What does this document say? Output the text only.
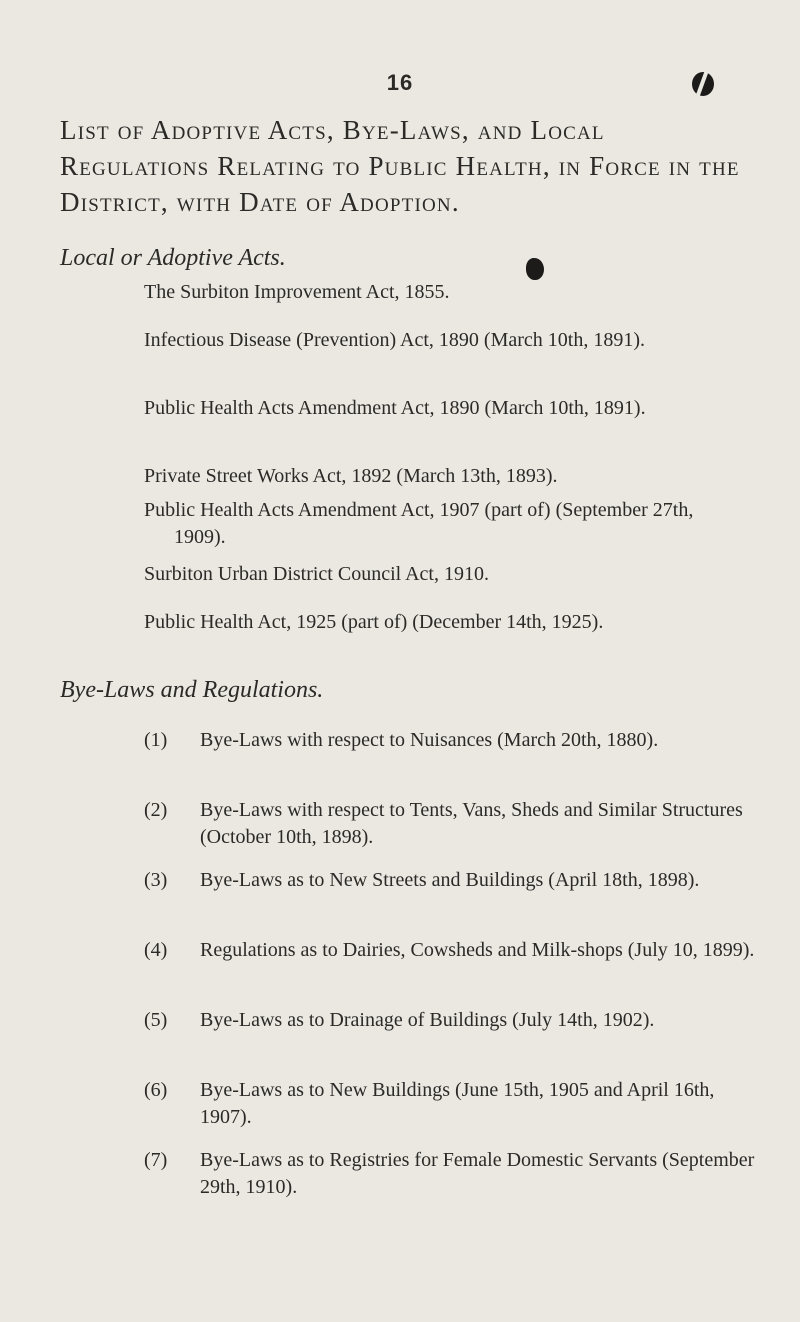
16
List of Adoptive Acts, Bye-Laws, and Local Regulations Relating to Public Health, in Force in the District, with Date of Adoption.
Local or Adoptive Acts.

The Surbiton Improvement Act, 1855.

Infectious Disease (Prevention) Act, 1890 (March 10th, 1891).

Public Health Acts Amendment Act, 1890 (March 10th, 1891).

Private Street Works Act, 1892 (March 13th, 1893).

Public Health Acts Amendment Act, 1907 (part of) (September 27th, 1909).

Surbiton Urban District Council Act, 1910.

Public Health Act, 1925 (part of) (December 14th, 1925).

Bye-Laws and Regulations.

(1) Bye-Laws with respect to Nuisances (March 20th, 1880).

(2) Bye-Laws with respect to Tents, Vans, Sheds and Similar Structures (October 10th, 1898).

(3) Bye-Laws as to New Streets and Buildings (April 18th, 1898).

(4) Regulations as to Dairies, Cowsheds and Milk-shops (July 10, 1899).

(5) Bye-Laws as to Drainage of Buildings (July 14th, 1902).

(6) Bye-Laws as to New Buildings (June 15th, 1905 and April 16th, 1907).

(7) Bye-Laws as to Registries for Female Domestic Servants (September 29th, 1910).
